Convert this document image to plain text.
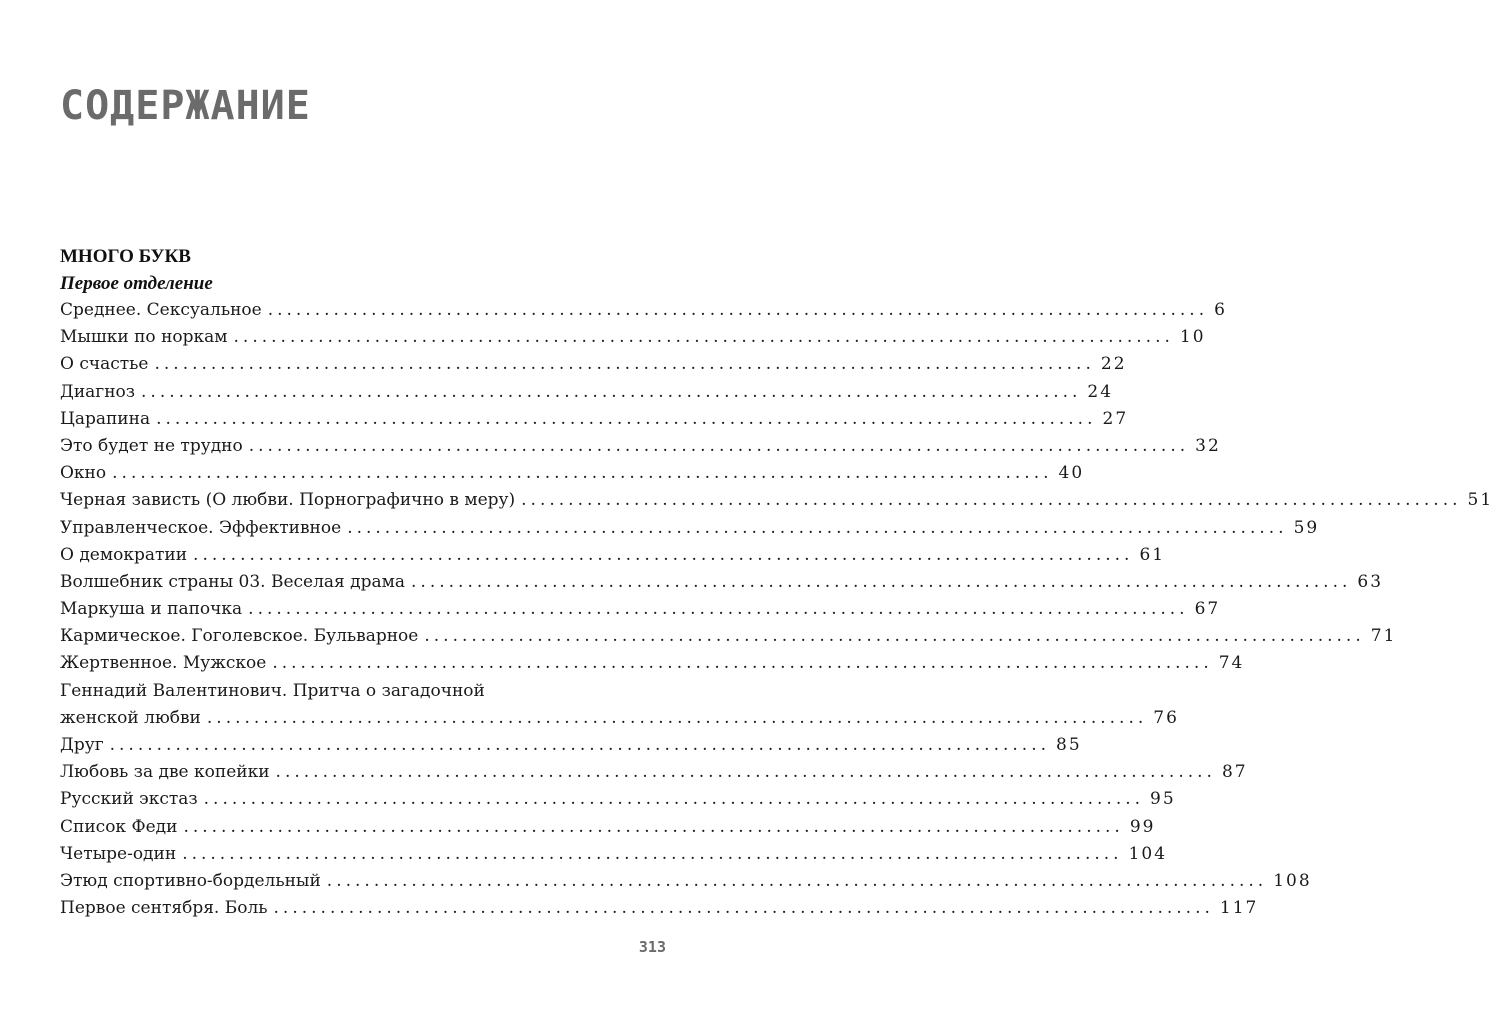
СОДЕРЖАНИЕ
МНОГО БУКВ
Первое отделение
Среднее. Сексуальное .................................................................................................... 6
Мышки по норкам .................................................................................................... 10
О счастье .................................................................................................... 22
Диагноз .................................................................................................... 24
Царапина .................................................................................................... 27
Это будет не трудно .................................................................................................... 32
Окно .................................................................................................... 40
Черная зависть (О любви. Порнографично в меру) .................................................................................................... 51
Управленческое. Эффективное .................................................................................................... 59
О демократии .................................................................................................... 61
Волшебник страны 03. Веселая драма .................................................................................................... 63
Маркуша и папочка .................................................................................................... 67
Кармическое. Гоголевское. Бульварное .................................................................................................... 71
Жертвенное. Мужское .................................................................................................... 74
Геннадий Валентинович. Притча о загадочной
женской любви .................................................................................................... 76
Друг .................................................................................................... 85
Любовь за две копейки .................................................................................................... 87
Русский экстаз .................................................................................................... 95
Список Феди .................................................................................................... 99
Четыре-один .................................................................................................... 104
Этюд спортивно-бордельный .................................................................................................... 108
Первое сентября. Боль .................................................................................................... 117
313
